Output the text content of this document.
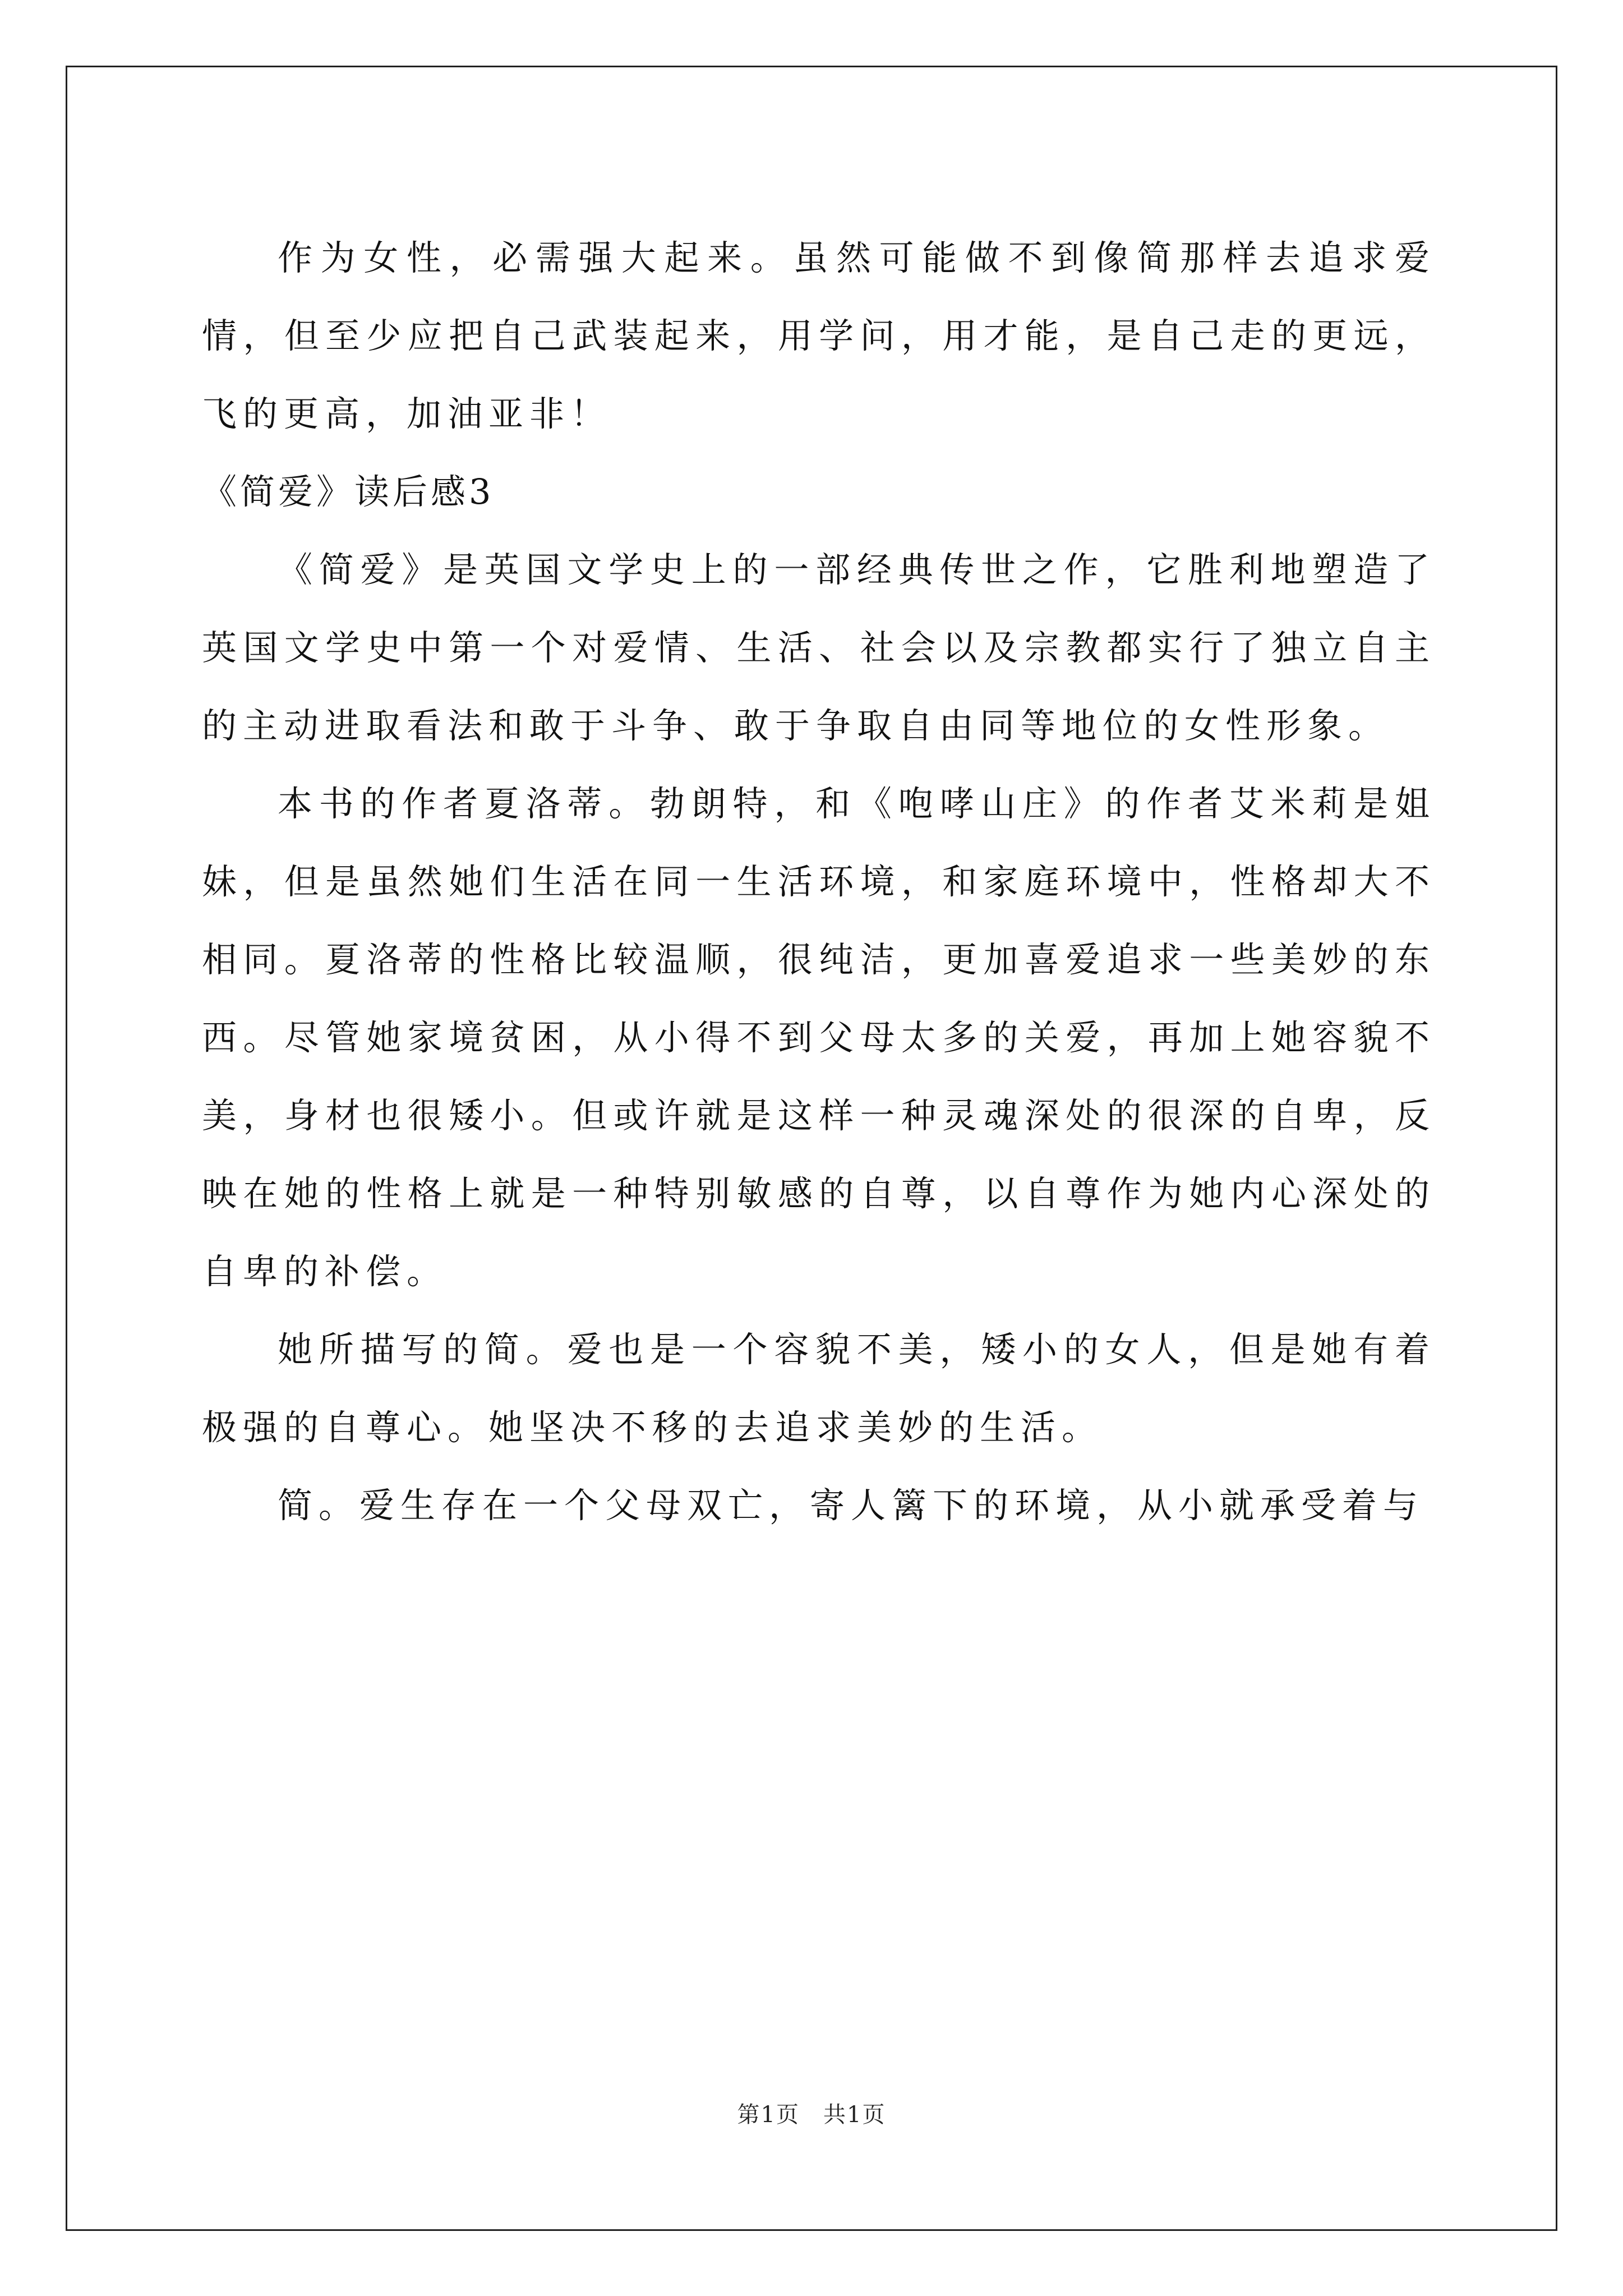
作为女性，必需强大起来。虽然可能做不到像简那样去追求爱情，但至少应把自己武装起来，用学问，用才能，是自己走的更远，飞的更高，加油亚非！

《简爱》读后感3

《简爱》是英国文学史上的一部经典传世之作，它胜利地塑造了英国文学史中第一个对爱情、生活、社会以及宗教都实行了独立自主的主动进取看法和敢于斗争、敢于争取自由同等地位的女性形象。

本书的作者夏洛蒂。勃朗特，和《咆哮山庄》的作者艾米莉是姐妹，但是虽然她们生活在同一生活环境，和家庭环境中，性格却大不相同。夏洛蒂的性格比较温顺，很纯洁，更加喜爱追求一些美妙的东西。尽管她家境贫困，从小得不到父母太多的关爱，再加上她容貌不美，身材也很矮小。但或许就是这样一种灵魂深处的很深的自卑，反映在她的性格上就是一种特别敏感的自尊，以自尊作为她内心深处的自卑的补偿。

她所描写的简。爱也是一个容貌不美，矮小的女人，但是她有着极强的自尊心。她坚决不移的去追求美妙的生活。

简。爱生存在一个父母双亡，寄人篱下的环境，从小就承受着与

第1页　共1页
